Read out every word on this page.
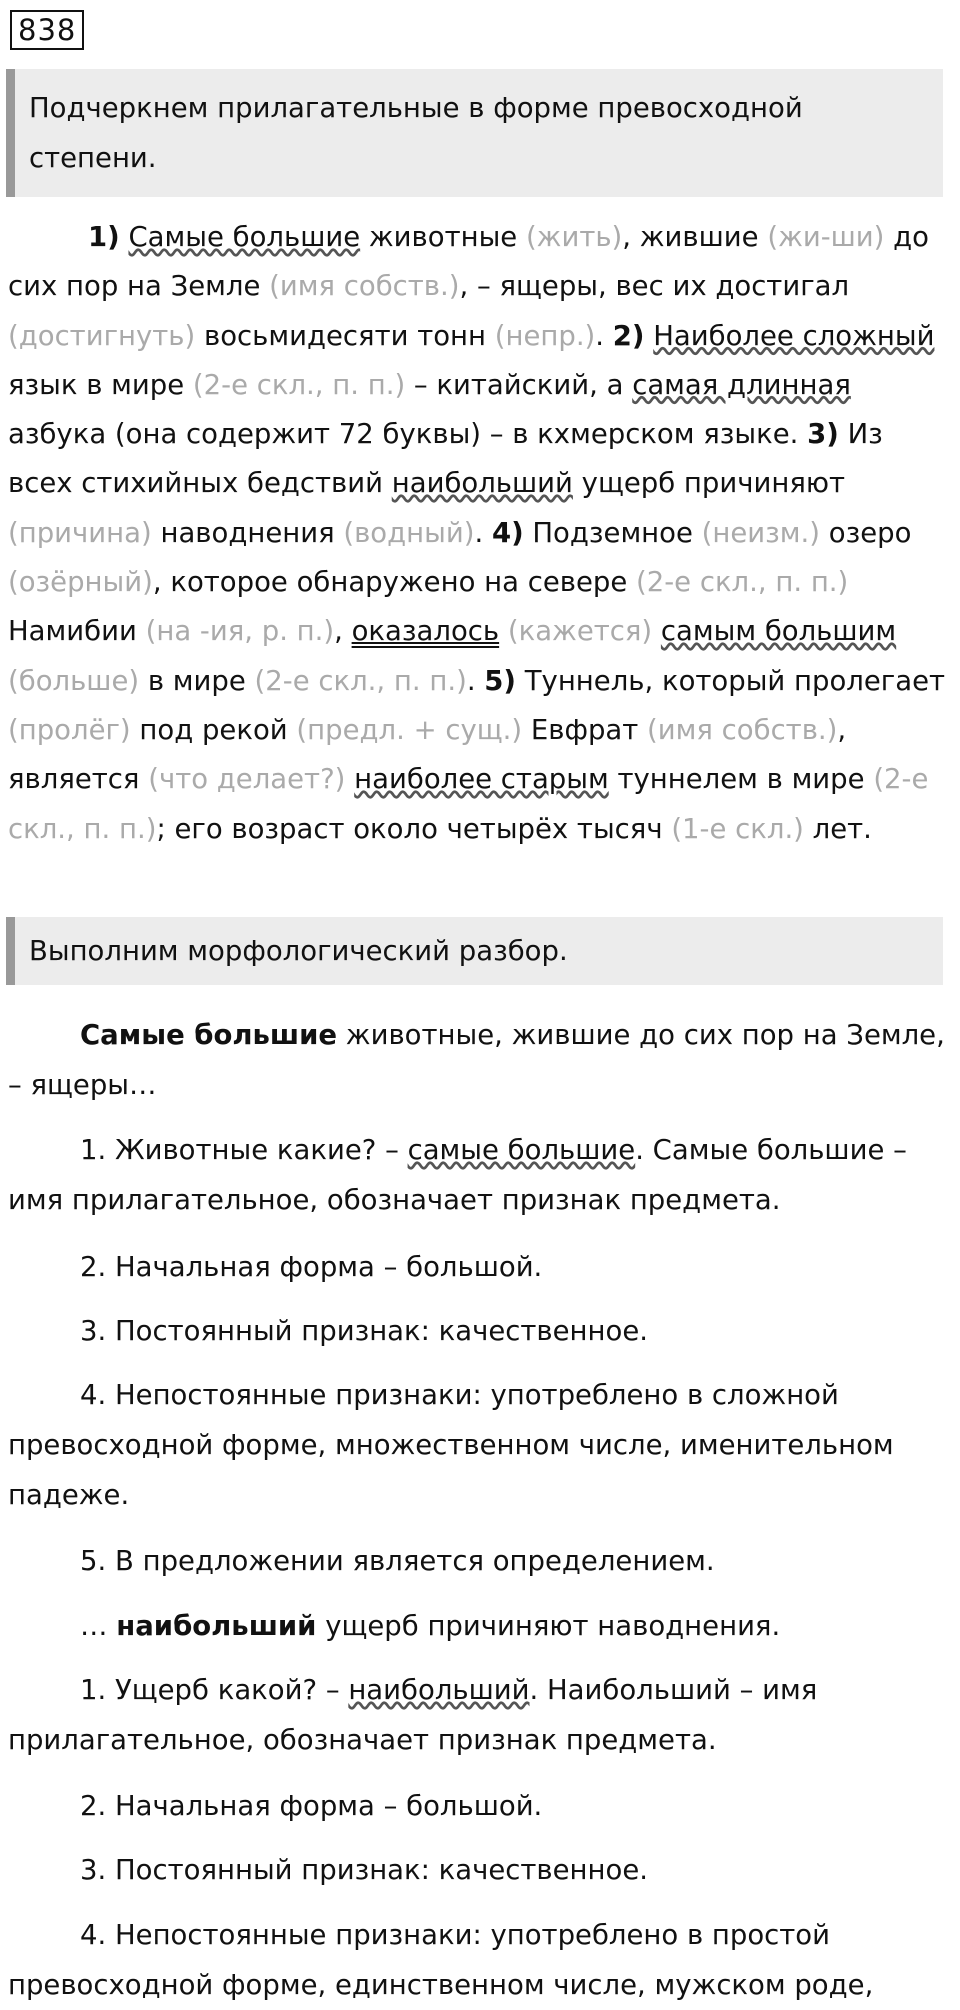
838
Подчеркнем прилагательные в форме превосходной степени.

1) Самые большие животные (жить), жившие (жи-ши) до сих пор на Земле (имя собств.), – ящеры, вес их достигал (достигнуть) восьмидесяти тонн (непр.). 2) Наиболее сложный язык в мире (2-е скл., п. п.) – китайский, а самая длинная азбука (она содержит 72 буквы) – в кхмерском языке. 3) Из всех стихийных бедствий наибольший ущерб причиняют (причина) наводнения (водный). 4) Подземное (неизм.) озеро (озёрный), которое обнаружено на севере (2-е скл., п. п.) Намибии (на -ия, р. п.), оказалось (кажется) самым большим (больше) в мире (2-е скл., п. п.). 5) Туннель, который пролегает (пролёг) под рекой (предл. + сущ.) Евфрат (имя собств.), является (что делает?) наиболее старым туннелем в мире (2-е скл., п. п.); его возраст около четырёх тысяч (1-е скл.) лет.

Выполним морфологический разбор.

Самые большие животные, жившие до сих пор на Земле, – ящеры…

1. Животные какие? – самые большие. Самые большие – имя прилагательное, обозначает признак предмета.

2. Начальная форма – большой.

3. Постоянный признак: качественное.

4. Непостоянные признаки: употреблено в сложной превосходной форме, множественном числе, именительном падеже.

5. В предложении является определением.

… наибольший ущерб причиняют наводнения.

1. Ущерб какой? – наибольший. Наибольший – имя прилагательное, обозначает признак предмета.

2. Начальная форма – большой.

3. Постоянный признак: качественное.

4. Непостоянные признаки: употреблено в простой превосходной форме, единственном числе, мужском роде,
